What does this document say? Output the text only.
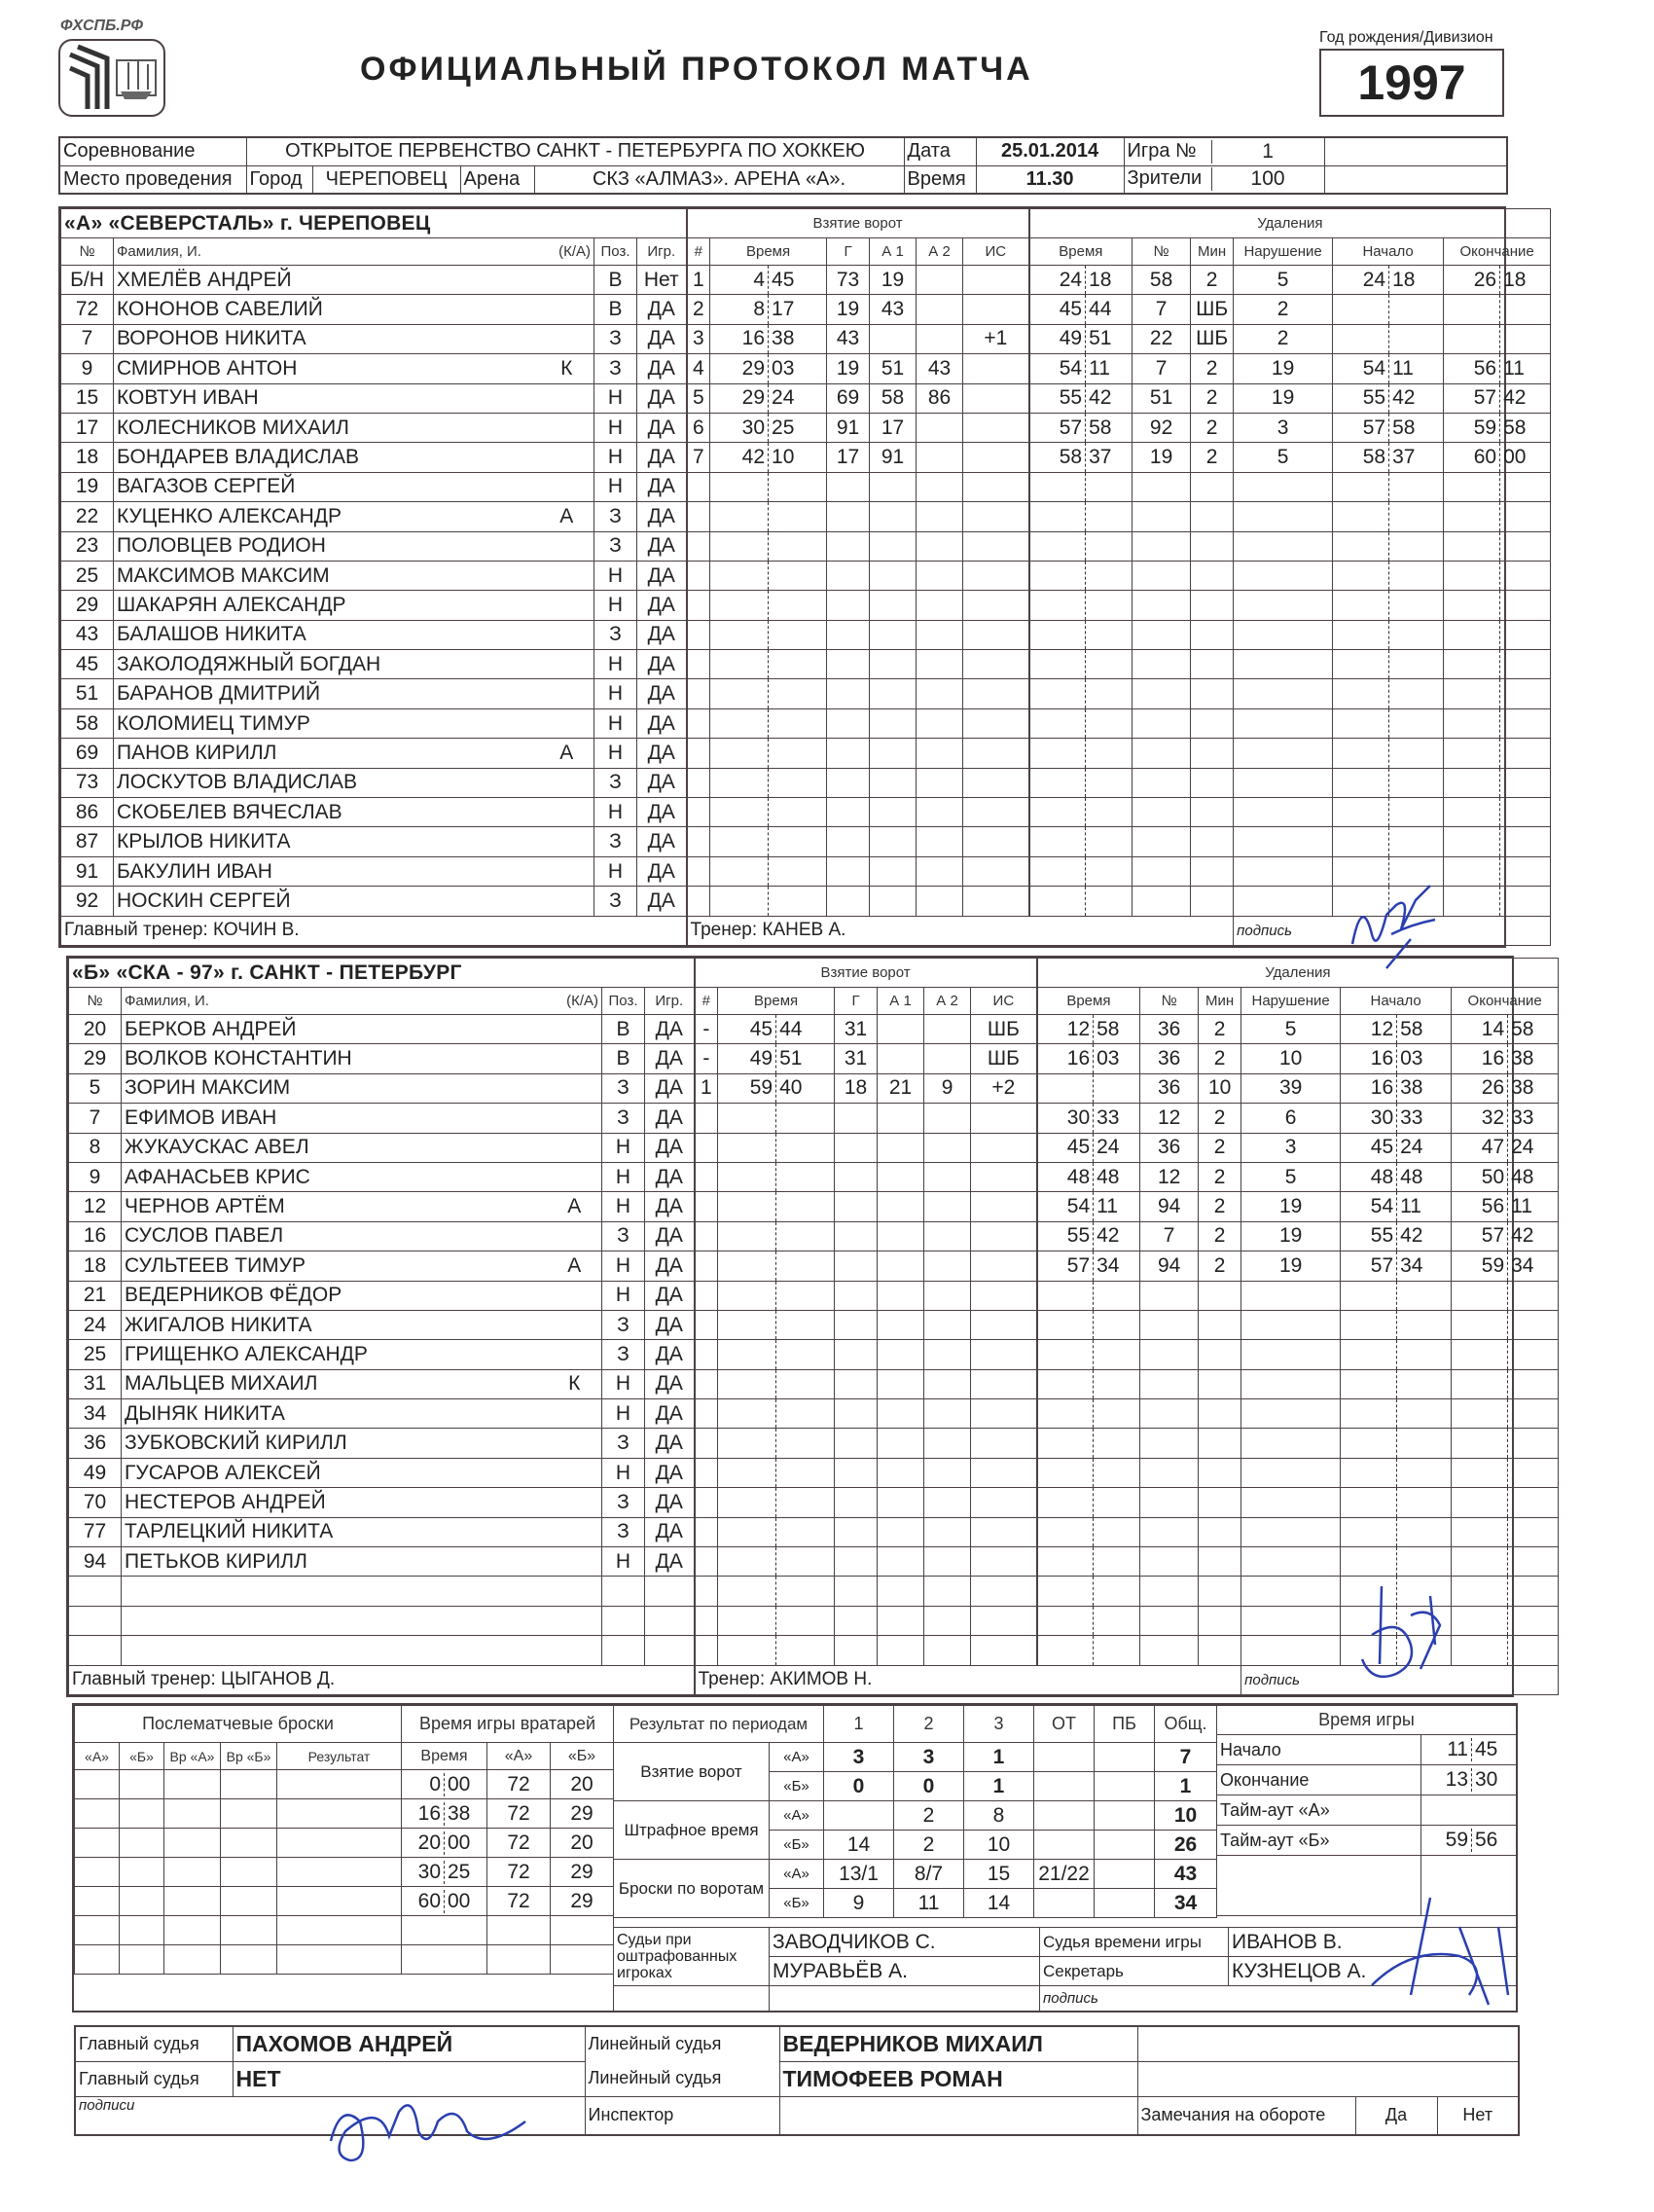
ФХСПБ.РФ
ОФИЦИАЛЬНЫЙ ПРОТОКОЛ МАТЧА
Год рождения/Дивизион
1997
Соревнование	ОТКРЫТОЕ ПЕРВЕНСТВО САНКТ - ПЕТЕРБУРГА ПО ХОККЕЮ				Дата	25.01.2014	Игра № 1	

Место проведения	Город	ЧЕРЕПОВЕЦ	Арена	СКЗ «АЛМАЗ». АРЕНА «А».	Время	11.30	Зрители 100	

«А» «СЕВЕРСТАЛЬ» г. ЧЕРЕПОВЕЦ					Взятие ворот							Удаления								
№	Фамилия, И. (К/А)		Поз.	Игр.	#	Время		Г	А 1	А 2	ИС	Время		№	Мин	Нарушение	Начало		Окончание	
Б/Н	ХМЕЛЁВ АНДРЕЙ		В	Нет	1	4	45	73	19			24	18	58	2	5	24	18	26	18
72	КОНОНОВ САВЕЛИЙ		В	ДА	2	8	17	19	43			45	44	7	ШБ	2				
7	ВОРОНОВ НИКИТА		З	ДА	3	16	38	43			+1	49	51	22	ШБ	2				
9	СМИРНОВ АНТОН	К	З	ДА	4	29	03	19	51	43		54	11	7	2	19	54	11	56	11
15	КОВТУН ИВАН		Н	ДА	5	29	24	69	58	86		55	42	51	2	19	55	42	57	42
17	КОЛЕСНИКОВ МИХАИЛ		Н	ДА	6	30	25	91	17			57	58	92	2	3	57	58	59	58
18	БОНДАРЕВ ВЛАДИСЛАВ		Н	ДА	7	42	10	17	91			58	37	19	2	5	58	37	60	00
19	ВАГАЗОВ СЕРГЕЙ		Н	ДА																
22	КУЦЕНКО АЛЕКСАНДР	А	З	ДА																
23	ПОЛОВЦЕВ РОДИОН		З	ДА																
25	МАКСИМОВ МАКСИМ		Н	ДА																
29	ШАКАРЯН АЛЕКСАНДР		Н	ДА																
43	БАЛАШОВ НИКИТА		З	ДА																
45	ЗАКОЛОДЯЖНЫЙ БОГДАН		Н	ДА																
51	БАРАНОВ ДМИТРИЙ		Н	ДА																
58	КОЛОМИЕЦ ТИМУР		Н	ДА																
69	ПАНОВ КИРИЛЛ	А	Н	ДА																
73	ЛОСКУТОВ ВЛАДИСЛАВ		З	ДА																
86	СКОБЕЛЕВ ВЯЧЕСЛАВ		Н	ДА																
87	КРЫЛОВ НИКИТА		З	ДА																
91	БАКУЛИН ИВАН		Н	ДА																
92	НОСКИН СЕРГЕЙ		З	ДА																
Главный тренер: КОЧИН В.					Тренер: КАНЕВ А.											подпись				
«Б» «СКА - 97» г. САНКТ - ПЕТЕРБУРГ					Взятие ворот							Удаления								
№	Фамилия, И. (К/А)		Поз.	Игр.	#	Время		Г	А 1	А 2	ИС	Время		№	Мин	Нарушение	Начало		Окончание	
20	БЕРКОВ АНДРЕЙ		В	ДА	-	45	44	31			ШБ	12	58	36	2	5	12	58	14	58
29	ВОЛКОВ КОНСТАНТИН		В	ДА	-	49	51	31			ШБ	16	03	36	2	10	16	03	16	38
5	ЗОРИН МАКСИМ		З	ДА	1	59	40	18	21	9	+2			36	10	39	16	38	26	38
7	ЕФИМОВ ИВАН		З	ДА								30	33	12	2	6	30	33	32	33
8	ЖУКАУСКАС АВЕЛ		Н	ДА								45	24	36	2	3	45	24	47	24
9	АФАНАСЬЕВ КРИС		Н	ДА								48	48	12	2	5	48	48	50	48
12	ЧЕРНОВ АРТЁМ	А	Н	ДА								54	11	94	2	19	54	11	56	11
16	СУСЛОВ ПАВЕЛ		З	ДА								55	42	7	2	19	55	42	57	42
18	СУЛЬТЕЕВ ТИМУР	А	Н	ДА								57	34	94	2	19	57	34	59	34
21	ВЕДЕРНИКОВ ФЁДОР		Н	ДА																
24	ЖИГАЛОВ НИКИТА		З	ДА																
25	ГРИЩЕНКО АЛЕКСАНДР		З	ДА																
31	МАЛЬЦЕВ МИХАИЛ	К	Н	ДА																
34	ДЫНЯК НИКИТА		Н	ДА																
36	ЗУБКОВСКИЙ КИРИЛЛ		З	ДА																
49	ГУСАРОВ АЛЕКСЕЙ		Н	ДА																
70	НЕСТЕРОВ АНДРЕЙ		З	ДА																
77	ТАРЛЕЦКИЙ НИКИТА		З	ДА																
94	ПЕТЬКОВ КИРИЛЛ		Н	ДА																

Главный тренер: ЦЫГАНОВ Д.					Тренер: АКИМОВ Н.											подпись				
Послематчевые броски				
«А»	«Б»	Вр «А»	Вр «Б»	Результат

Время игры вратарей		
Время	«А»	«Б»

0 00	72	20

16 38	72	29

20 00	72	20

30 25	72	29

60 00	72	29

Результат по периодам		1	2	3	ОТ	ПБ	Общ.
Взятие ворот	«А»	3	3	1			7
	«Б»	0	0	1			1
Штрафное время	«А»		2	8			10
	«Б»	14	2	10			26
Броски по воротам	«А»	13/1	8/7	15	21/22		43
	«Б»	9	11	14			34
Время игры	
Начало	11 45

Окончание	13 30

Тайм-аут «А»	

Тайм-аут «Б»	59 56

Судьи при оштрафованных игроках	ЗАВОДЧИКОВ С.	Судья времени игры	ИВАНОВ В.
	МУРАВЬЁВ А.	Секретарь	КУЗНЕЦОВ А.
		подпись	
Главный судья	ПАХОМОВ АНДРЕЙ	Линейный судья	ВЕДЕРНИКОВ МИХАИЛ			
Главный судья	НЕТ	Линейный судья	ТИМОФЕЕВ РОМАН			
подписи		Инспектор		Замечания на обороте	Да	Нет
